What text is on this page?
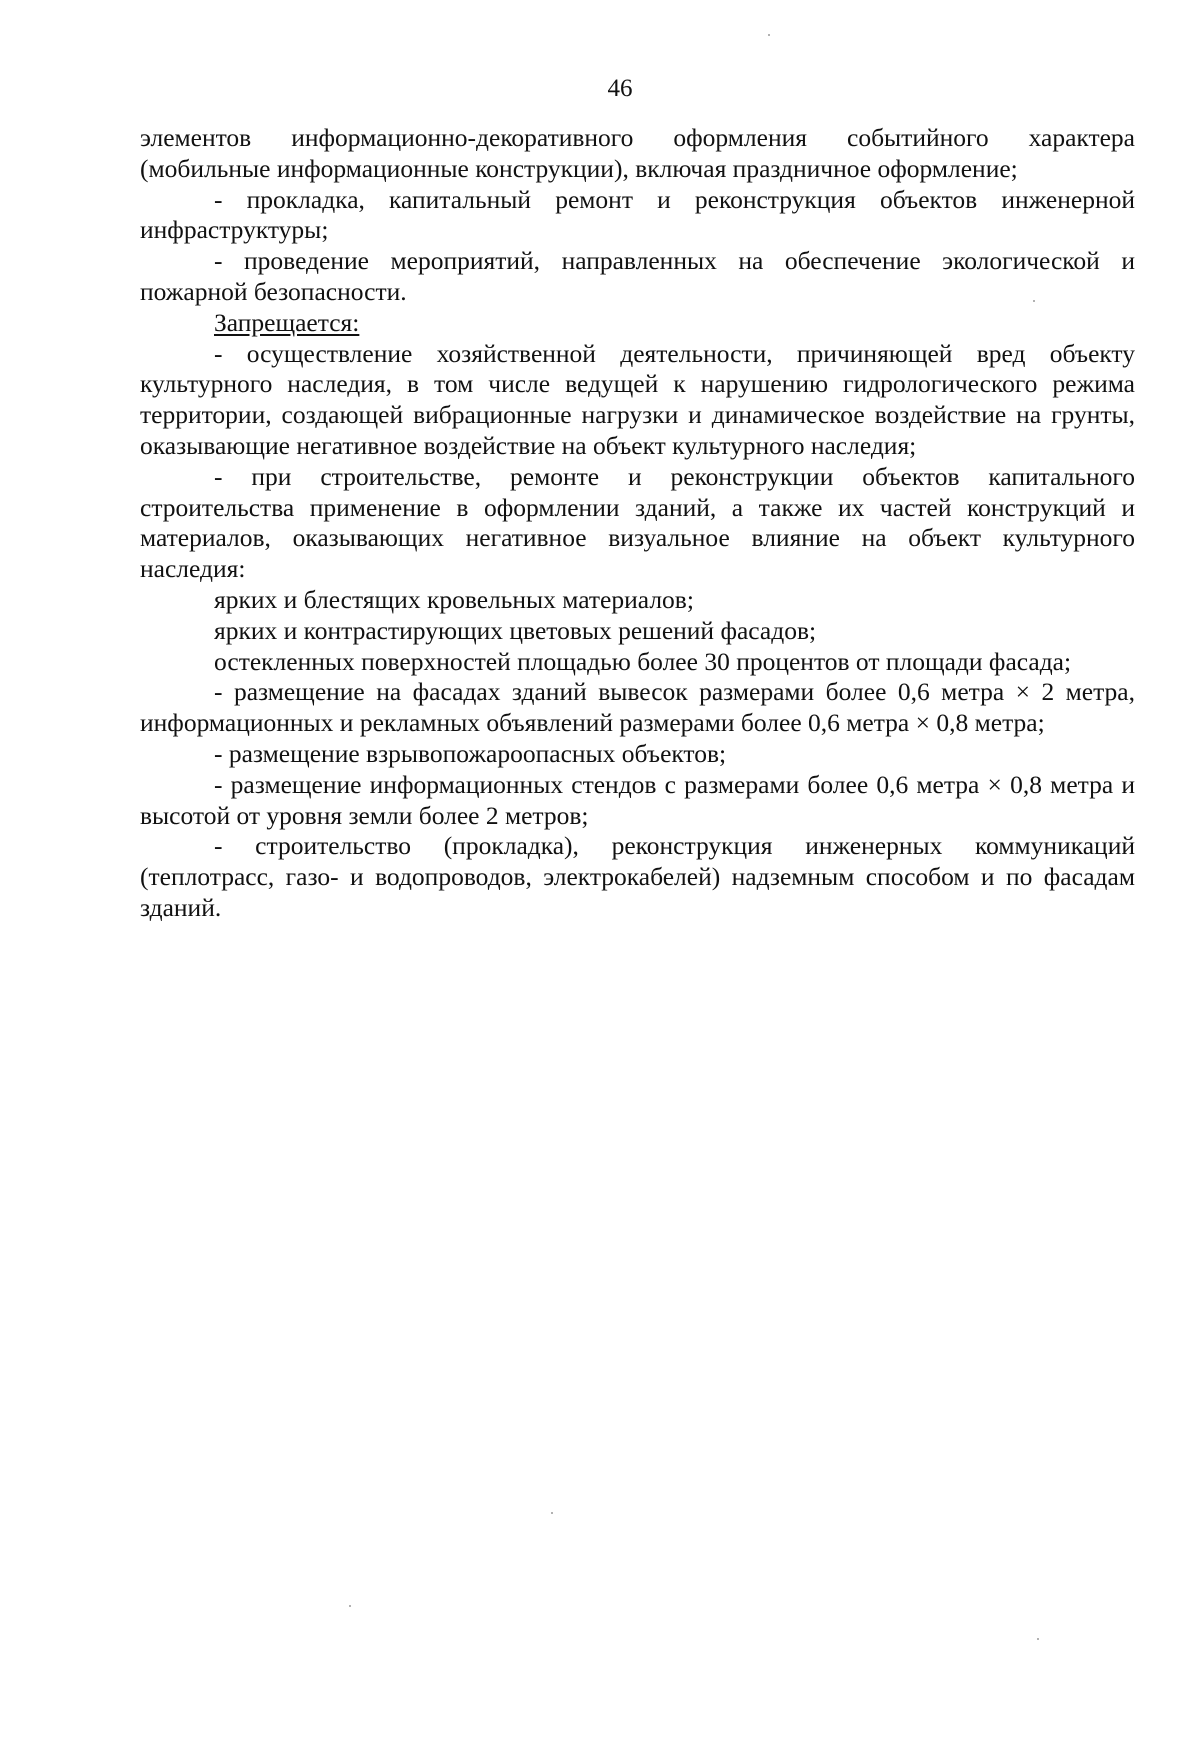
46

элементов информационно-декоративного оформления событийного характера (мобильные информационные конструкции), включая праздничное оформление;

- прокладка, капитальный ремонт и реконструкция объектов инженерной инфраструктуры;

- проведение мероприятий, направленных на обеспечение экологической и пожарной безопасности.

Запрещается:

- осуществление хозяйственной деятельности, причиняющей вред объекту культурного наследия, в том числе ведущей к нарушению гидрологического режима территории, создающей вибрационные нагрузки и динамическое воздействие на грунты, оказывающие негативное воздействие на объект культурного наследия;

- при строительстве, ремонте и реконструкции объектов капитального строительства применение в оформлении зданий, а также их частей конструкций и материалов, оказывающих негативное визуальное влияние на объект культурного наследия:

ярких и блестящих кровельных материалов;

ярких и контрастирующих цветовых решений фасадов;

остекленных поверхностей площадью более 30 процентов от площади фасада;

- размещение на фасадах зданий вывесок размерами более 0,6 метра × 2 метра, информационных и рекламных объявлений размерами более 0,6 метра × 0,8 метра;

- размещение взрывопожароопасных объектов;

- размещение информационных стендов с размерами более 0,6 метра × 0,8 метра и высотой от уровня земли более 2 метров;

- строительство (прокладка), реконструкция инженерных коммуникаций (теплотрасс, газо- и водопроводов, электрокабелей) надземным способом и по фасадам зданий.
